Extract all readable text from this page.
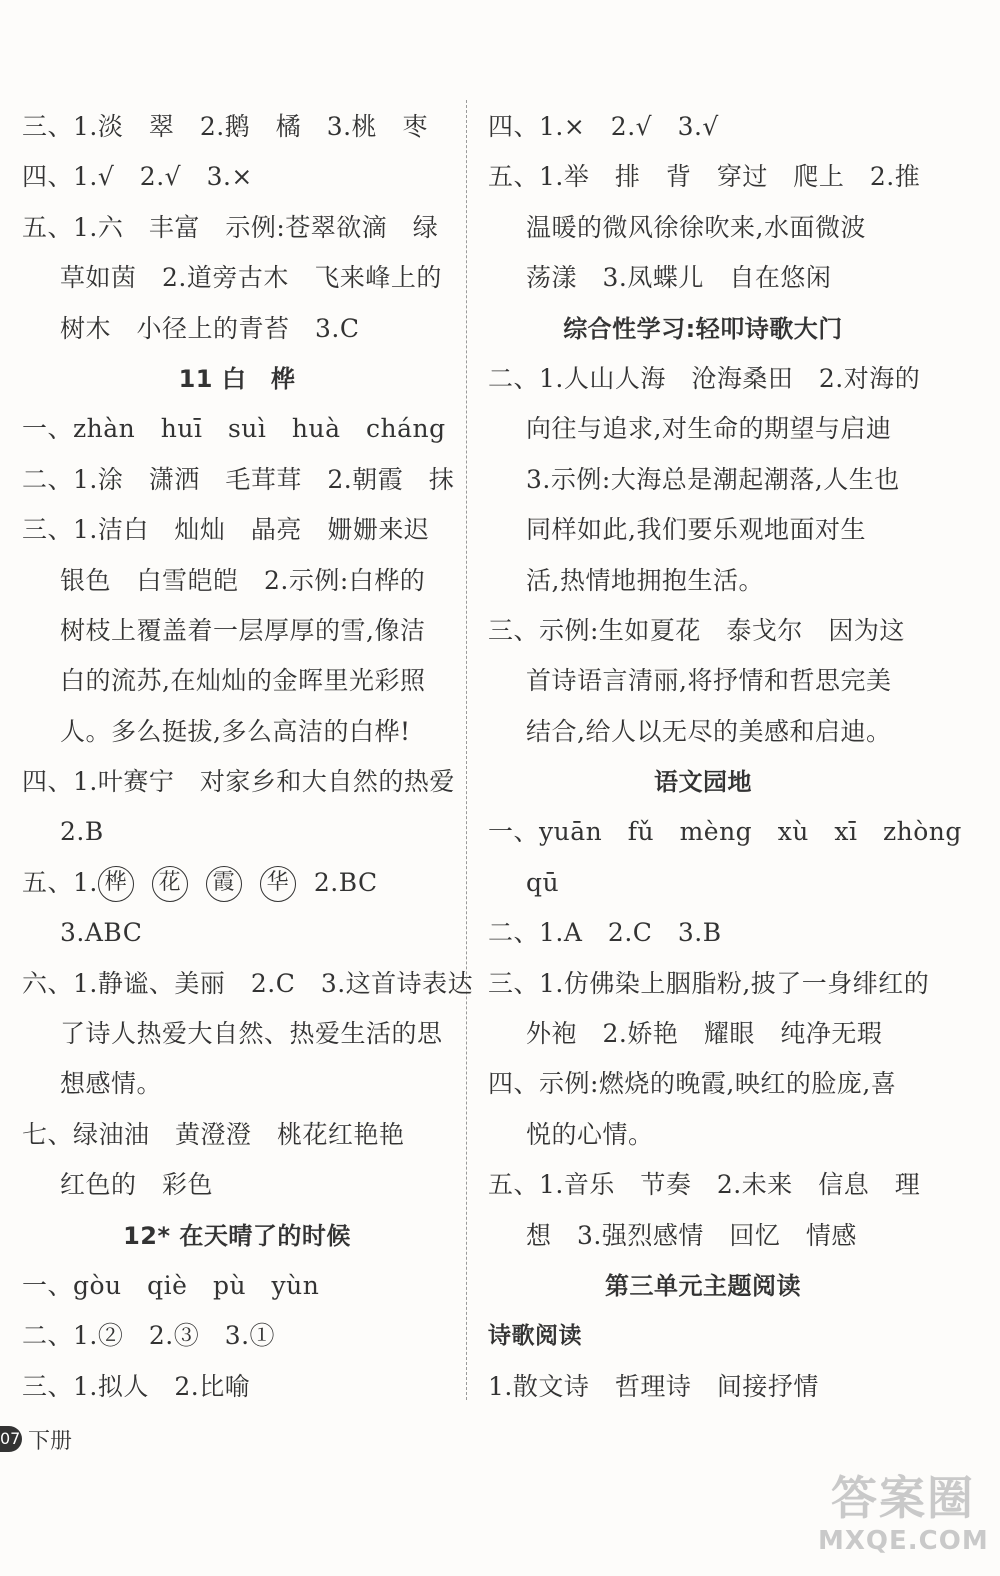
三、1.淡　翠　2.鹅　橘　3.桃　枣
四、1.√　2.√　3.×
五、1.六　丰富　示例:苍翠欲滴　绿
草如茵　2.道旁古木　飞来峰上的
树木　小径上的青苔　3.C
11 白　桦
一、zhàn　huī　suì　huà　cháng
二、1.涂　潇洒　毛茸茸　2.朝霞　抹
三、1.洁白　灿灿　晶亮　姗姗来迟
银色　白雪皑皑　2.示例:白桦的
树枝上覆盖着一层厚厚的雪,像洁
白的流苏,在灿灿的金晖里光彩照
人。多么挺拔,多么高洁的白桦!
四、1.叶赛宁　对家乡和大自然的热爱
2.B
五、1. 桦 花 霞 华 2.BC
3.ABC
六、1.静谧、美丽　2.C　3.这首诗表达
了诗人热爱大自然、热爱生活的思
想感情。
七、绿油油　黄澄澄　桃花红艳艳
红色的　彩色
12* 在天晴了的时候
一、gòu　qiè　pù　yùn
二、1.②　2.③　3.①
三、1.拟人　2.比喻
四、1.×　2.√　3.√
五、1.举　排　背　穿过　爬上　2.推
温暖的微风徐徐吹来,水面微波
荡漾　3.凤蝶儿　自在悠闲
综合性学习:轻叩诗歌大门
二、1.人山人海　沧海桑田　2.对海的
向往与追求,对生命的期望与启迪
3.示例:大海总是潮起潮落,人生也
同样如此,我们要乐观地面对生
活,热情地拥抱生活。
三、示例:生如夏花　泰戈尔　因为这
首诗语言清丽,将抒情和哲思完美
结合,给人以无尽的美感和启迪。
语文园地
一、yuān　fǔ　mèng　xù　xī　zhòng
qū
二、1.A　2.C　3.B
三、1.仿佛染上胭脂粉,披了一身绯红的
外袍　2.娇艳　耀眼　纯净无瑕
四、示例:燃烧的晚霞,映红的脸庞,喜
悦的心情。
五、1.音乐　节奏　2.未来　信息　理
想　3.强烈感情　回忆　情感
第三单元主题阅读
诗歌阅读
1.散文诗　哲理诗　间接抒情
07 下册
答案圈
MXQE.COM
